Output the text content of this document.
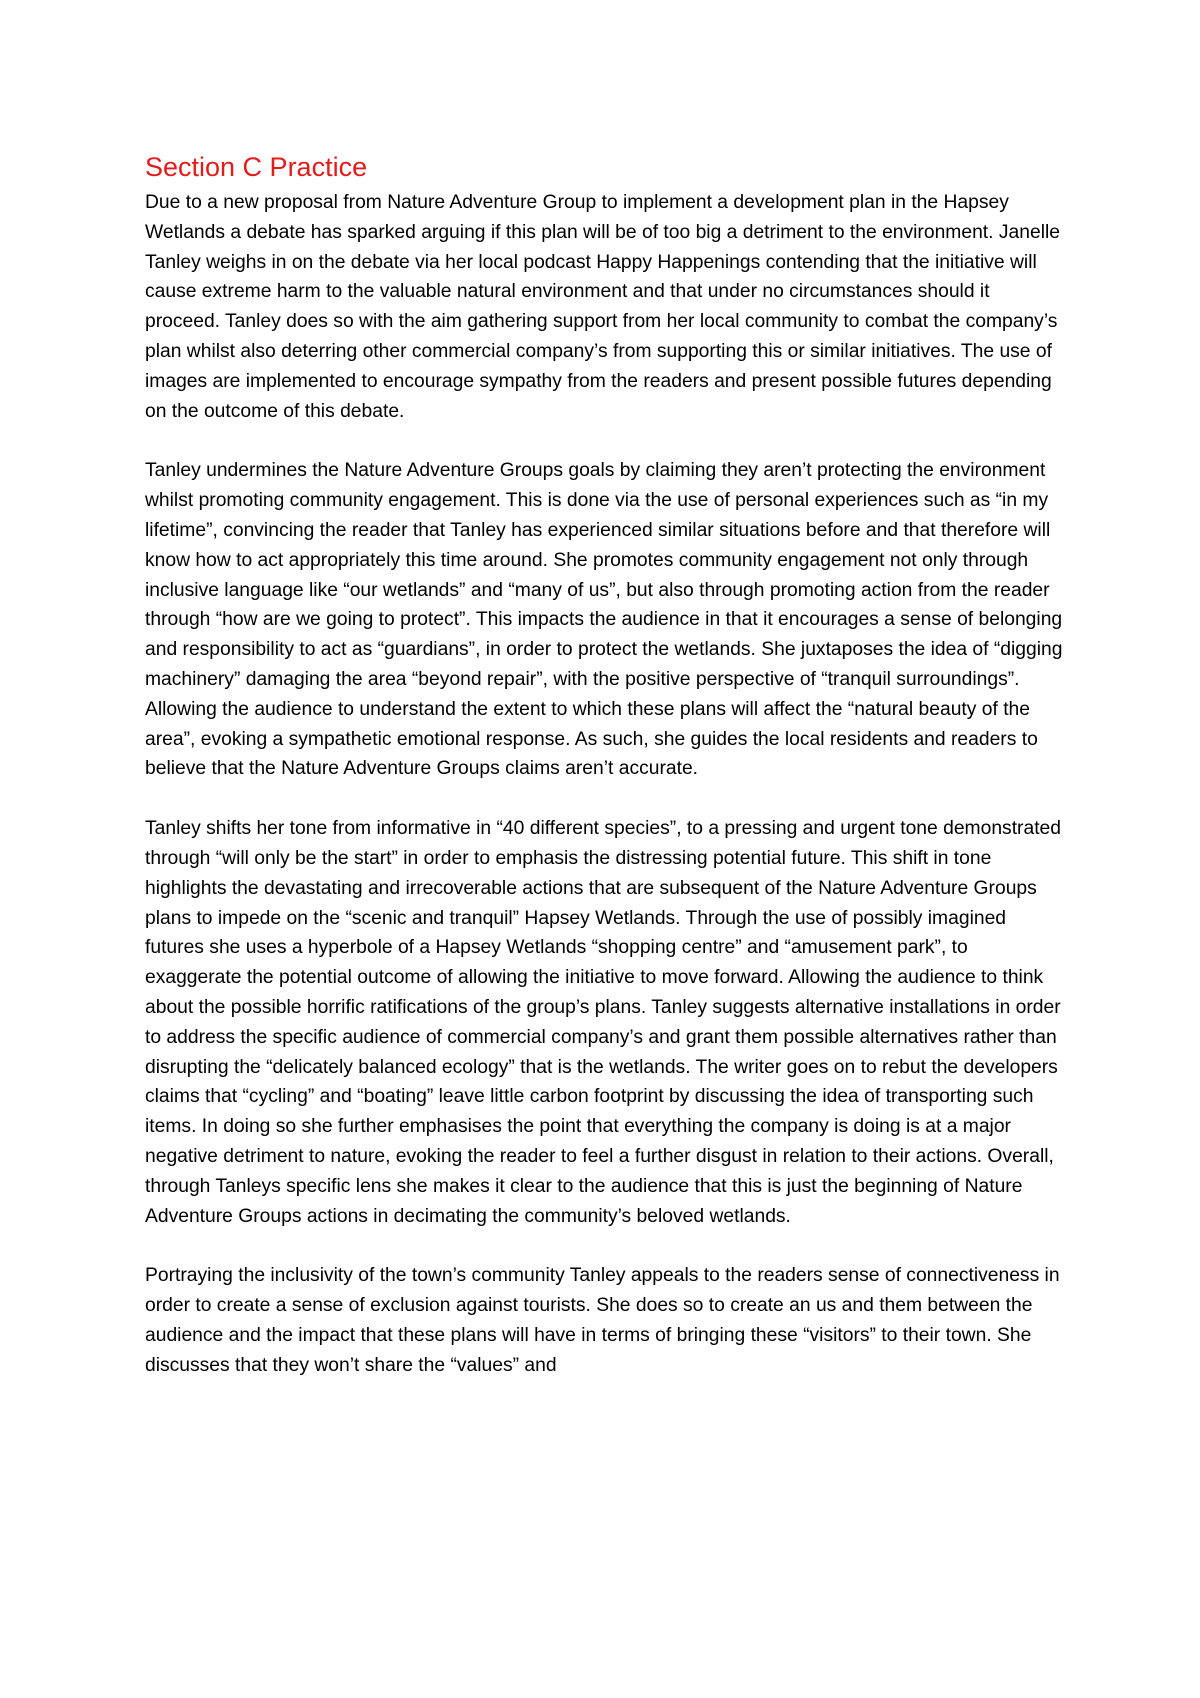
Section C Practice

Due to a new proposal from Nature Adventure Group to implement a development plan in the Hapsey Wetlands a debate has sparked arguing if this plan will be of too big a detriment to the environment. Janelle Tanley weighs in on the debate via her local podcast Happy Happenings contending that the initiative will cause extreme harm to the valuable natural environment and that under no circumstances should it proceed. Tanley does so with the aim gathering support from her local community to combat the company’s plan whilst also deterring other commercial company’s from supporting this or similar initiatives. The use of images are implemented to encourage sympathy from the readers and present possible futures depending on the outcome of this debate.

Tanley undermines the Nature Adventure Groups goals by claiming they aren’t protecting the environment whilst promoting community engagement. This is done via the use of personal experiences such as “in my lifetime”, convincing the reader that Tanley has experienced similar situations before and that therefore will know how to act appropriately this time around. She promotes community engagement not only through inclusive language like “our wetlands” and “many of us”, but also through promoting action from the reader through “how are we going to protect”. This impacts the audience in that it encourages a sense of belonging and responsibility to act as “guardians”, in order to protect the wetlands. She juxtaposes the idea of “digging machinery” damaging the area “beyond repair”, with the positive perspective of “tranquil surroundings”. Allowing the audience to understand the extent to which these plans will affect the “natural beauty of the area”, evoking a sympathetic emotional response. As such, she guides the local residents and readers to believe that the Nature Adventure Groups claims aren’t accurate.

Tanley shifts her tone from informative in “40 different species”, to a pressing and urgent tone demonstrated through “will only be the start” in order to emphasis the distressing potential future. This shift in tone highlights the devastating and irrecoverable actions that are subsequent of the Nature Adventure Groups plans to impede on the “scenic and tranquil” Hapsey Wetlands. Through the use of possibly imagined futures she uses a hyperbole of a Hapsey Wetlands “shopping centre” and “amusement park”, to exaggerate the potential outcome of allowing the initiative to move forward. Allowing the audience to think about the possible horrific ratifications of the group’s plans. Tanley suggests alternative installations in order to address the specific audience of commercial company’s and grant them possible alternatives rather than disrupting the “delicately balanced ecology” that is the wetlands. The writer goes on to rebut the developers claims that “cycling” and “boating” leave little carbon footprint by discussing the idea of transporting such items. In doing so she further emphasises the point that everything the company is doing is at a major negative detriment to nature, evoking the reader to feel a further disgust in relation to their actions. Overall, through Tanleys specific lens she makes it clear to the audience that this is just the beginning of Nature Adventure Groups actions in decimating the community’s beloved wetlands.

Portraying the inclusivity of the town’s community Tanley appeals to the readers sense of connectiveness in order to create a sense of exclusion against tourists. She does so to create an us and them between the audience and the impact that these plans will have in terms of bringing these “visitors” to their town. She discusses that they won’t share the “values” and
